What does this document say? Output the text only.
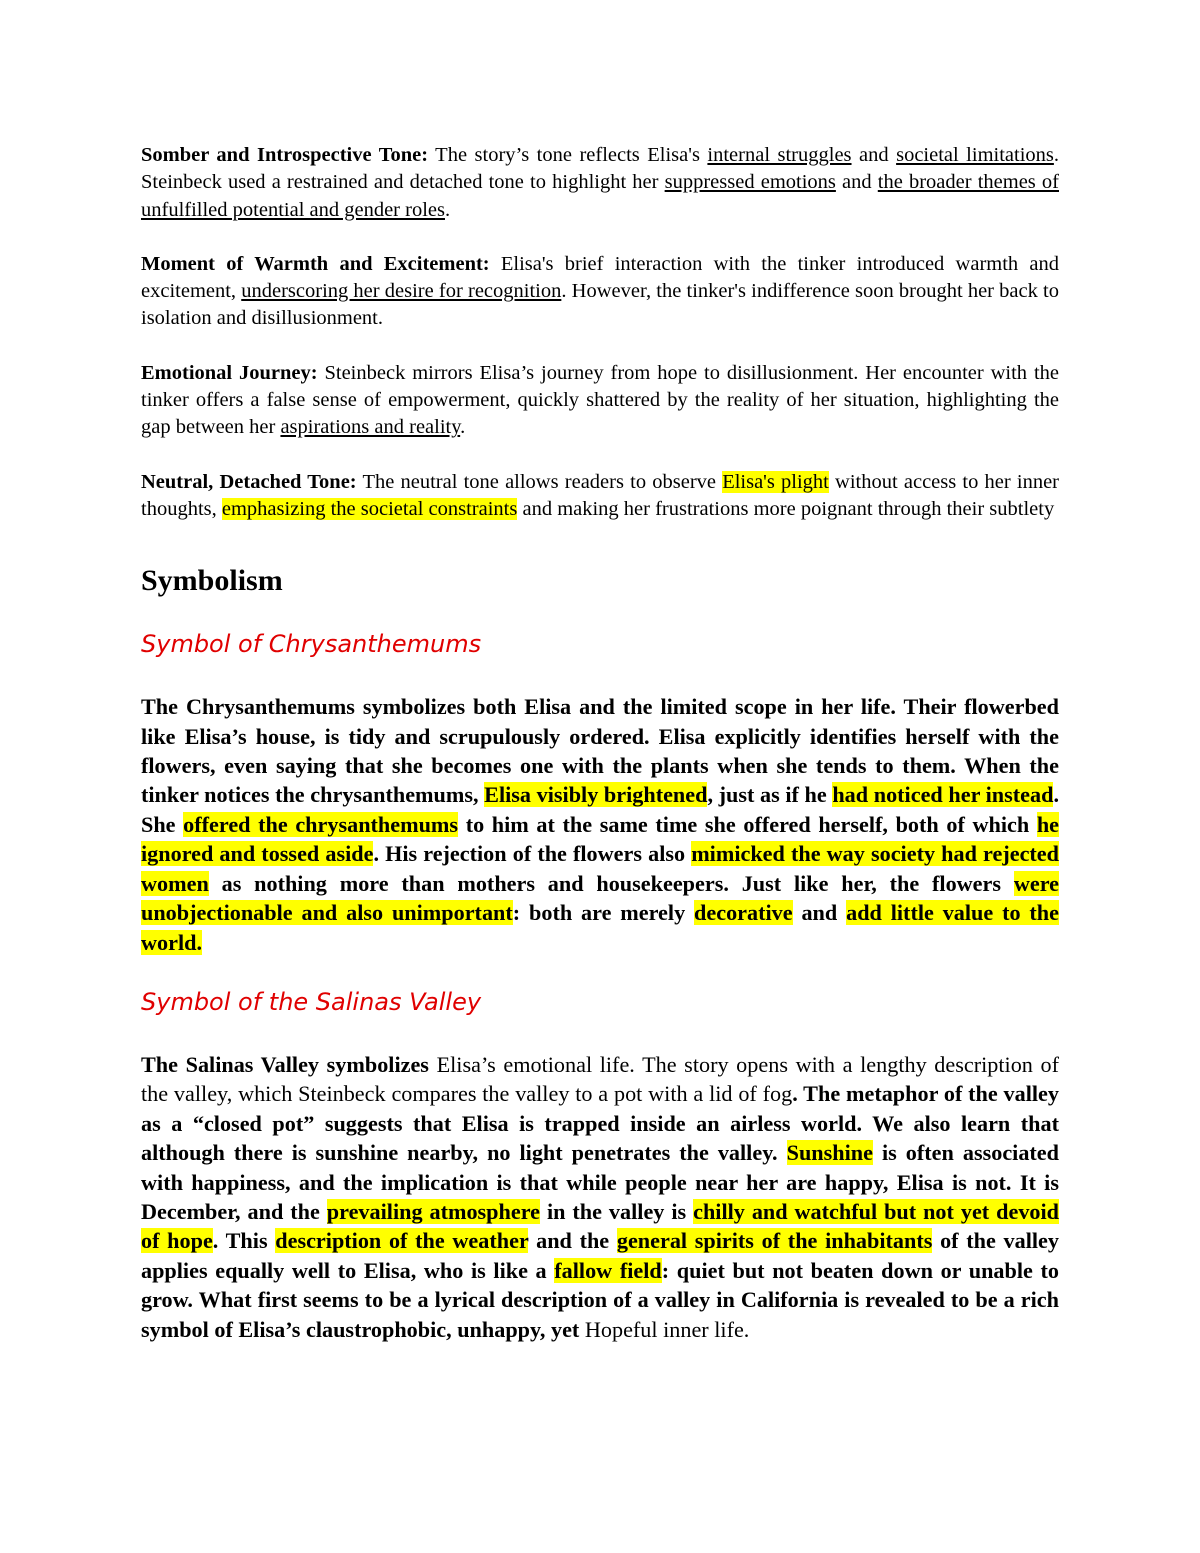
Somber and Introspective Tone: The story’s tone reflects Elisa's internal struggles and societal limitations. Steinbeck used a restrained and detached tone to highlight her suppressed emotions and the broader themes of unfulfilled potential and gender roles.

Moment of Warmth and Excitement: Elisa's brief interaction with the tinker introduced warmth and excitement, underscoring her desire for recognition. However, the tinker's indifference soon brought her back to isolation and disillusionment.

Emotional Journey: Steinbeck mirrors Elisa’s journey from hope to disillusionment. Her encounter with the tinker offers a false sense of empowerment, quickly shattered by the reality of her situation, highlighting the gap between her aspirations and reality.

Neutral, Detached Tone: The neutral tone allows readers to observe Elisa's plight without access to her inner thoughts, emphasizing the societal constraints and making her frustrations more poignant through their subtlety

Symbolism
Symbol of Chrysanthemums

The Chrysanthemums symbolizes both Elisa and the limited scope in her life. Their flowerbed like Elisa’s house, is tidy and scrupulously ordered. Elisa explicitly identifies herself with the flowers, even saying that she becomes one with the plants when she tends to them. When the tinker notices the chrysanthemums, Elisa visibly brightened, just as if he had noticed her instead. She offered the chrysanthemums to him at the same time she offered herself, both of which he ignored and tossed aside. His rejection of the flowers also mimicked the way society had rejected women as nothing more than mothers and housekeepers. Just like her, the flowers were unobjectionable and also unimportant: both are merely decorative and add little value to the world.

Symbol of the Salinas Valley

The Salinas Valley symbolizes Elisa’s emotional life. The story opens with a lengthy description of the valley, which Steinbeck compares the valley to a pot with a lid of fog. The metaphor of the valley as a “closed pot” suggests that Elisa is trapped inside an airless world. We also learn that although there is sunshine nearby, no light penetrates the valley. Sunshine is often associated with happiness, and the implication is that while people near her are happy, Elisa is not. It is December, and the prevailing atmosphere in the valley is chilly and watchful but not yet devoid of hope. This description of the weather and the general spirits of the inhabitants of the valley applies equally well to Elisa, who is like a fallow field: quiet but not beaten down or unable to grow. What first seems to be a lyrical description of a valley in California is revealed to be a rich symbol of Elisa’s claustrophobic, unhappy, yet Hopeful inner life.
